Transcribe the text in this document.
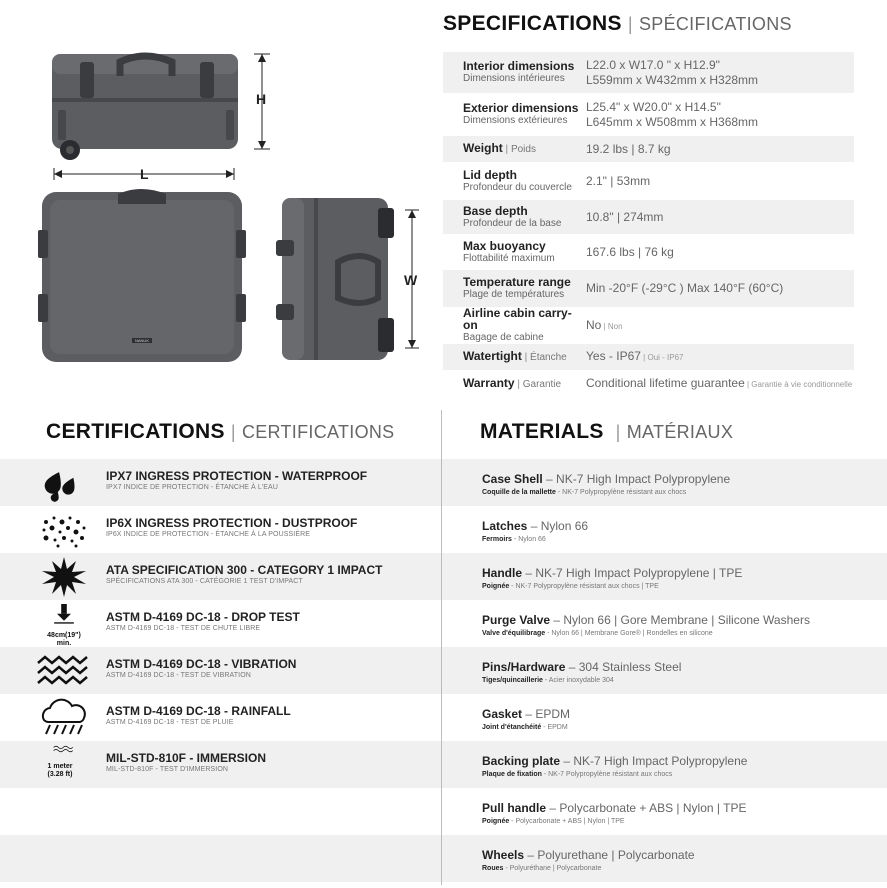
H
NANUK
L
W
SPECIFICATIONS | SPÉCIFICATIONS
Interior dimensions
Dimensions intérieures
L22.0 x W17.0 " x H12.9"
L559mm x W432mm x H328mm
Exterior dimensions
Dimensions extérieures
L25.4" x W20.0" x H14.5"
L645mm x W508mm x H368mm
Weight | Poids	19.2 lbs | 8.7 kg
Lid depth
Profondeur du couvercle	2.1" | 53mm
Base depth
Profondeur de la base	10.8" | 274mm
Max buoyancy
Flottabilité maximum	167.6 lbs | 76 kg
Temperature range
Plage de températures	Min -20°F (-29°C ) Max 140°F (60°C)
Airline cabin carry-on
Bagage de cabine
No | Non
Watertight | Étanche	Yes - IP67 | Oui - IP67
Warranty | Garantie	Conditional lifetime guarantee | Garantie à vie conditionnelle
CERTIFICATIONS | CERTIFICATIONS
IPX7 INGRESS PROTECTION - WATERPROOF
IPX7 INDICE DE PROTECTION - ÉTANCHE À L'EAU
IP6X INGRESS PROTECTION - DUSTPROOF
IP6X INDICE DE PROTECTION - ÉTANCHE À LA POUSSIÈRE
ATA SPECIFICATION 300 - CATEGORY 1 IMPACT
SPÉCIFICATIONS ATA 300 - CATÉGORIE 1 TEST D'IMPACT
48cm(19")
min.
ASTM D-4169 DC-18 - DROP TEST
ASTM D-4169 DC-18 - TEST DE CHUTE LIBRE
ASTM D-4169 DC-18 - VIBRATION
ASTM D-4169 DC-18 - TEST DE VIBRATION
ASTM D-4169 DC-18 - RAINFALL
ASTM D-4169 DC-18 - TEST DE PLUIE
1 meter
(3.28 ft)
MIL-STD-810F - IMMERSION
MIL-STD-810F - TEST D'IMMERSION
MATERIALS | MATÉRIAUX
Case Shell – NK-7 High Impact Polypropylene
Coquille de la mallette - NK-7 Polypropylène résistant aux chocs
Latches – Nylon 66
Fermoirs - Nylon 66
Handle – NK-7 High Impact Polypropylene | TPE
Poignée - NK-7 Polypropylène résistant aux chocs | TPE
Purge Valve – Nylon 66 | Gore Membrane | Silicone Washers
Valve d'équilibrage - Nylon 66 | Membrane Gore® | Rondelles en silicone
Pins/Hardware – 304 Stainless Steel
Tiges/quincaillerie - Acier inoxydable 304
Gasket – EPDM
Joint d'étanchéité - EPDM
Backing plate – NK-7 High Impact Polypropylene
Plaque de fixation - NK-7 Polypropylène résistant aux chocs
Pull handle – Polycarbonate + ABS | Nylon | TPE
Poignée - Polycarbonate + ABS | Nylon | TPE
Wheels – Polyurethane | Polycarbonate
Roues - Polyuréthane | Polycarbonate
